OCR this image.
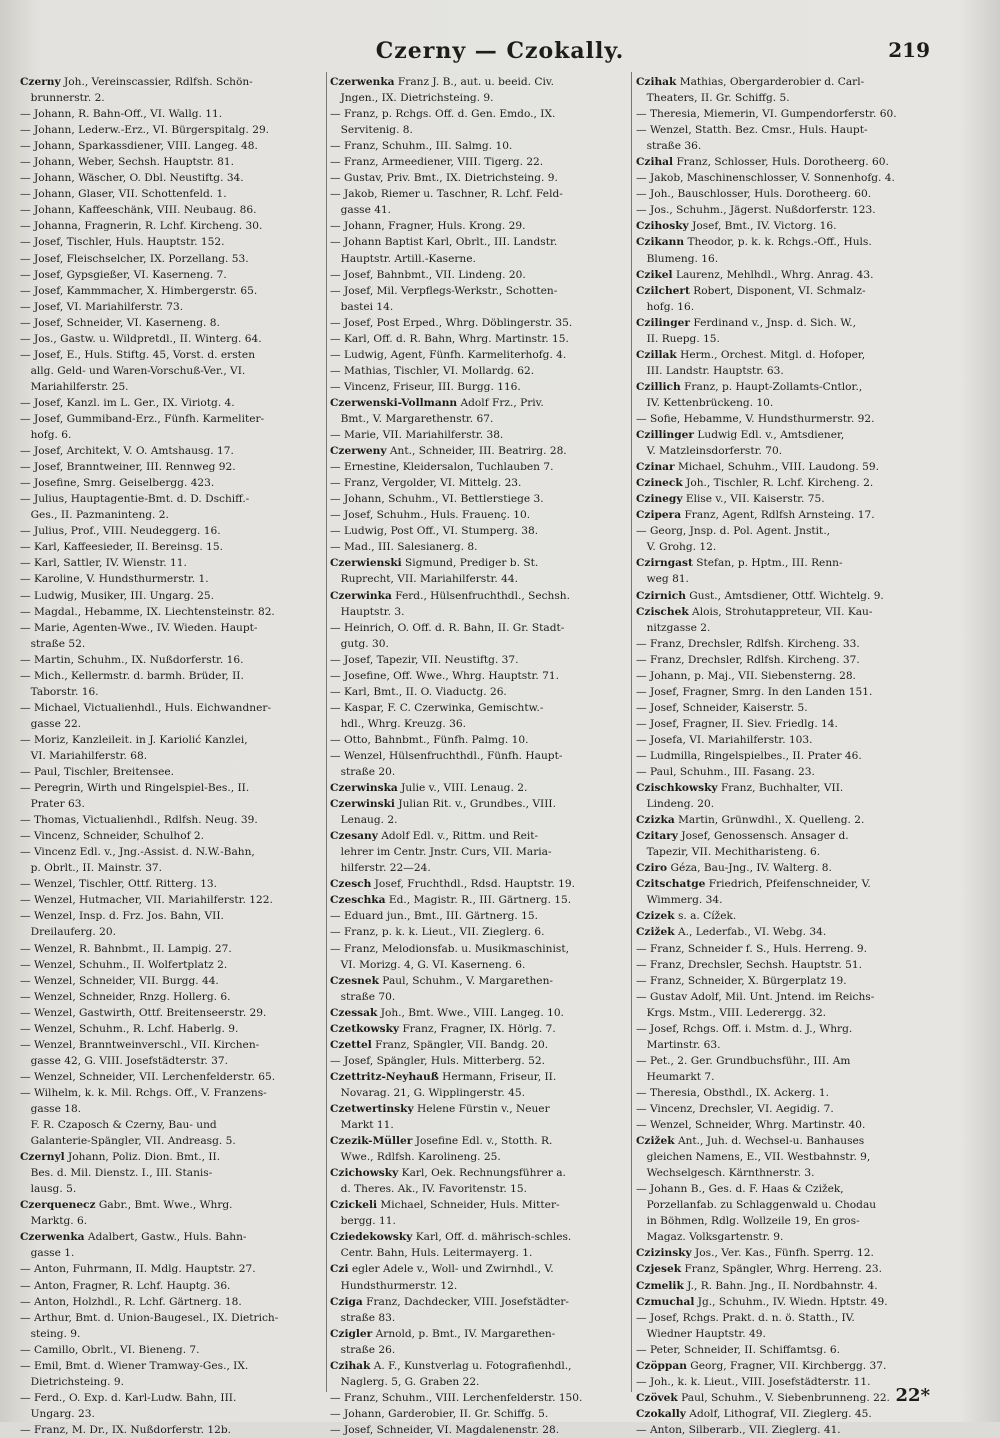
Czerny — Czokally.	219
Czerny Joh., Vereinscassier, Rdlfsh. Schön-
 brunnerstr. 2.
— Johann, R. Bahn-Off., VI. Wallg. 11.
— Johann, Lederw.-Erz., VI. Bürgerspitalg. 29.
— Johann, Sparkassdiener, VIII. Langeg. 48.
— Johann, Weber, Sechsh. Hauptstr. 81.
— Johann, Wäscher, O. Dbl. Neustiftg. 34.
— Johann, Glaser, VII. Schottenfeld. 1.
— Johann, Kaffeeschänk, VIII. Neubaug. 86.
— Johanna, Fragnerin, R. Lchf. Kircheng. 30.
— Josef, Tischler, Huls. Hauptstr. 152.
— Josef, Fleischselcher, IX. Porzellang. 53.
— Josef, Gypsgießer, VI. Kaserneng. 7.
— Josef, Kammmacher, X. Himbergerstr. 65.
— Josef, VI. Mariahilferstr. 73.
— Josef, Schneider, VI. Kaserneng. 8.
— Jos., Gastw. u. Wildpretdl., II. Winterg. 64.
— Josef, E., Huls. Stiftg. 45, Vorst. d. ersten
 allg. Geld- und Waren-Vorschuß-Ver., VI.
 Mariahilferstr. 25.
— Josef, Kanzl. im L. Ger., IX. Viriotg. 4.
— Josef, Gummiband-Erz., Fünfh. Karmeliter-
 hofg. 6.
— Josef, Architekt, V. O. Amtshausg. 17.
— Josef, Branntweiner, III. Rennweg 92.
— Josefine, Smrg. Geiselbergg. 423.
— Julius, Hauptagentie-Bmt. d. D. Dschiff.-
 Ges., II. Pazmaninteng. 2.
— Julius, Prof., VIII. Neudeggerg. 16.
— Karl, Kaffeesieder, II. Bereinsg. 15.
— Karl, Sattler, IV. Wienstr. 11.
— Karoline, V. Hundsthurmerstr. 1.
— Ludwig, Musiker, III. Ungarg. 25.
— Magdal., Hebamme, IX. Liechtensteinstr. 82.
— Marie, Agenten-Wwe., IV. Wieden. Haupt-
 straße 52.
— Martin, Schuhm., IX. Nußdorferstr. 16.
— Mich., Kellermstr. d. barmh. Brüder, II.
 Taborstr. 16.
— Michael, Victualienhdl., Huls. Eichwandner-
 gasse 22.
— Moriz, Kanzleileit. in J. Kariolić Kanzlei,
 VI. Mariahilferstr. 68.
— Paul, Tischler, Breitensee.
— Peregrin, Wirth und Ringelspiel-Bes., II.
 Prater 63.
— Thomas, Victualienhdl., Rdlfsh. Neug. 39.
— Vincenz, Schneider, Schulhof 2.
— Vincenz Edl. v., Jng.-Assist. d. N.W.-Bahn,
 p. Obrlt., II. Mainstr. 37.
— Wenzel, Tischler, Ottf. Ritterg. 13.
— Wenzel, Hutmacher, VII. Mariahilferstr. 122.
— Wenzel, Insp. d. Frz. Jos. Bahn, VII.
 Dreilauferg. 20.
— Wenzel, R. Bahnbmt., II. Lampig. 27.
— Wenzel, Schuhm., II. Wolfertplatz 2.
— Wenzel, Schneider, VII. Burgg. 44.
— Wenzel, Schneider, Rnzg. Hollerg. 6.
— Wenzel, Gastwirth, Ottf. Breitenseerstr. 29.
— Wenzel, Schuhm., R. Lchf. Haberlg. 9.
— Wenzel, Branntweinverschl., VII. Kirchen-
 gasse 42, G. VIII. Josefstädterstr. 37.
— Wenzel, Schneider, VII. Lerchenfelderstr. 65.
— Wilhelm, k. k. Mil. Rchgs. Off., V. Franzens-
 gasse 18.
 F. R. Czaposch & Czerny, Bau- und
 Galanterie-Spängler, VII. Andreasg. 5.
Czernyl Johann, Poliz. Dion. Bmt., II.
 Bes. d. Mil. Dienstz. I., III. Stanis-
 lausg. 5.
Czerquenecz Gabr., Bmt. Wwe., Whrg.
 Marktg. 6.
Czerwenka Adalbert, Gastw., Huls. Bahn-
 gasse 1.
— Anton, Fuhrmann, II. Mdlg. Hauptstr. 27.
— Anton, Fragner, R. Lchf. Hauptg. 36.
— Anton, Holzhdl., R. Lchf. Gärtnerg. 18.
— Arthur, Bmt. d. Union-Baugesel., IX. Dietrich-
 steing. 9.
— Camillo, Obrlt., VI. Bieneng. 7.
— Emil, Bmt. d. Wiener Tramway-Ges., IX.
 Dietrichsteing. 9.
— Ferd., O. Exp. d. Karl-Ludw. Bahn, III.
 Ungarg. 23.
— Franz, M. Dr., IX. Nußdorferstr. 12b.
Czerwenka Franz J. B., aut. u. beeid. Civ.
 Jngen., IX. Dietrichsteing. 9.
— Franz, p. Rchgs. Off. d. Gen. Emdo., IX.
 Servitenig. 8.
— Franz, Schuhm., III. Salmg. 10.
— Franz, Armeediener, VIII. Tigerg. 22.
— Gustav, Priv. Bmt., IX. Dietrichsteing. 9.
— Jakob, Riemer u. Taschner, R. Lchf. Feld-
 gasse 41.
— Johann, Fragner, Huls. Krong. 29.
— Johann Baptist Karl, Obrlt., III. Landstr.
 Hauptstr. Artill.-Kaserne.
— Josef, Bahnbmt., VII. Lindeng. 20.
— Josef, Mil. Verpflegs-Werkstr., Schotten-
 bastei 14.
— Josef, Post Erped., Whrg. Döblingerstr. 35.
— Karl, Off. d. R. Bahn, Whrg. Martinstr. 15.
— Ludwig, Agent, Fünfh. Karmeliterhofg. 4.
— Mathias, Tischler, VI. Mollardg. 62.
— Vincenz, Friseur, III. Burgg. 116.
Czerwenski-Vollmann Adolf Frz., Priv.
 Bmt., V. Margarethenstr. 67.
— Marie, VII. Mariahilferstr. 38.
Czerweny Ant., Schneider, III. Beatrirg. 28.
— Ernestine, Kleidersalon, Tuchlauben 7.
— Franz, Vergolder, VI. Mittelg. 23.
— Johann, Schuhm., VI. Bettlerstiege 3.
— Josef, Schuhm., Huls. Frauenç. 10.
— Ludwig, Post Off., VI. Stumperg. 38.
— Mad., III. Salesianerg. 8.
Czerwienski Sigmund, Prediger b. St.
 Ruprecht, VII. Mariahilferstr. 44.
Czerwinka Ferd., Hülsenfruchthdl., Sechsh.
 Hauptstr. 3.
— Heinrich, O. Off. d. R. Bahn, II. Gr. Stadt-
 gutg. 30.
— Josef, Tapezir, VII. Neustiftg. 37.
— Josefine, Off. Wwe., Whrg. Hauptstr. 71.
— Karl, Bmt., II. O. Viaductg. 26.
— Kaspar, F. C. Czerwinka, Gemischtw.-
 hdl., Whrg. Kreuzg. 36.
— Otto, Bahnbmt., Fünfh. Palmg. 10.
— Wenzel, Hülsenfruchthdl., Fünfh. Haupt-
 straße 20.
Czerwinska Julie v., VIII. Lenaug. 2.
Czerwinski Julian Rit. v., Grundbes., VIII.
 Lenaug. 2.
Czesany Adolf Edl. v., Rittm. und Reit-
 lehrer im Centr. Jnstr. Curs, VII. Maria-
 hilferstr. 22—24.
Czesch Josef, Fruchthdl., Rdsd. Hauptstr. 19.
Czeschka Ed., Magistr. R., III. Gärtnerg. 15.
— Eduard jun., Bmt., III. Gärtnerg. 15.
— Franz, p. k. k. Lieut., VII. Zieglerg. 6.
— Franz, Melodionsfab. u. Musikmaschinist,
 VI. Morizg. 4, G. VI. Kaserneng. 6.
Czesnek Paul, Schuhm., V. Margarethen-
 straße 70.
Czessak Joh., Bmt. Wwe., VIII. Langeg. 10.
Czetkowsky Franz, Fragner, IX. Hörlg. 7.
Czettel Franz, Spängler, VII. Bandg. 20.
— Josef, Spängler, Huls. Mitterberg. 52.
Czettritz-Neyhauß Hermann, Friseur, II.
 Novarag. 21, G. Wipplingerstr. 45.
Czetwertinsky Helene Fürstin v., Neuer
 Markt 11.
Czezik-Müller Josefine Edl. v., Stotth. R.
 Wwe., Rdlfsh. Karolineng. 25.
Czichowsky Karl, Oek. Rechnungsführer a.
 d. Theres. Ak., IV. Favoritenstr. 15.
Czickeli Michael, Schneider, Huls. Mitter-
 bergg. 11.
Cziedekowsky Karl, Off. d. mährisch-schles.
 Centr. Bahn, Huls. Leitermayerg. 1.
Czi egler Adele v., Woll- und Zwirnhdl., V.
 Hundsthurmerstr. 12.
Cziga Franz, Dachdecker, VIII. Josefstädter-
 straße 83.
Czigler Arnold, p. Bmt., IV. Margarethen-
 straße 26.
Czihak A. F., Kunstverlag u. Fotografienhdl.,
 Naglerg. 5, G. Graben 22.
— Franz, Schuhm., VIII. Lerchenfelderstr. 150.
— Johann, Garderobier, II. Gr. Schiffg. 5.
— Josef, Schneider, VI. Magdalenenstr. 28.
Czihak Mathias, Obergarderobier d. Carl-
 Theaters, II. Gr. Schiffg. 5.
— Theresia, Miemerin, VI. Gumpendorferstr. 60.
— Wenzel, Statth. Bez. Cmsr., Huls. Haupt-
 straße 36.
Czihal Franz, Schlosser, Huls. Dorotheerg. 60.
— Jakob, Maschinenschlosser, V. Sonnenhofg. 4.
— Joh., Bauschlosser, Huls. Dorotheerg. 60.
— Jos., Schuhm., Jägerst. Nußdorferstr. 123.
Czihosky Josef, Bmt., IV. Victorg. 16.
Czikann Theodor, p. k. k. Rchgs.-Off., Huls.
 Blumeng. 16.
Czikel Laurenz, Mehlhdl., Whrg. Anrag. 43.
Czilchert Robert, Disponent, VI. Schmalz-
 hofg. 16.
Czilinger Ferdinand v., Jnsp. d. Sich. W.,
 II. Ruepg. 15.
Czillak Herm., Orchest. Mitgl. d. Hofoper,
 III. Landstr. Hauptstr. 63.
Czillich Franz, p. Haupt-Zollamts-Cntlor.,
 IV. Kettenbrückeng. 10.
— Sofie, Hebamme, V. Hundsthurmerstr. 92.
Czillinger Ludwig Edl. v., Amtsdiener,
 V. Matzleinsdorferstr. 70.
Czinar Michael, Schuhm., VIII. Laudong. 59.
Czineck Joh., Tischler, R. Lchf. Kircheng. 2.
Czinegy Elise v., VII. Kaiserstr. 75.
Czipera Franz, Agent, Rdlfsh Arnsteing. 17.
— Georg, Jnsp. d. Pol. Agent. Jnstit.,
 V. Grohg. 12.
Czirngast Stefan, p. Hptm., III. Renn-
 weg 81.
Czirnich Gust., Amtsdiener, Ottf. Wichtelg. 9.
Czischek Alois, Strohutappreteur, VII. Kau-
 nitzgasse 2.
— Franz, Drechsler, Rdlfsh. Kircheng. 33.
— Franz, Drechsler, Rdlfsh. Kircheng. 37.
— Johann, p. Maj., VII. Siebensterng. 28.
— Josef, Fragner, Smrg. In den Landen 151.
— Josef, Schneider, Kaiserstr. 5.
— Josef, Fragner, II. Siev. Friedlg. 14.
— Josefa, VI. Mariahilferstr. 103.
— Ludmilla, Ringelspielbes., II. Prater 46.
— Paul, Schuhm., III. Fasang. 23.
Czischkowsky Franz, Buchhalter, VII.
 Lindeng. 20.
Czizka Martin, Grünwdhl., X. Quelleng. 2.
Czitary Josef, Genossensch. Ansager d.
 Tapezir, VII. Mechitharisteng. 6.
Cziro Géza, Bau-Jng., IV. Walterg. 8.
Czitschatge Friedrich, Pfeifenschneider, V.
 Wimmerg. 34.
Czizek s. a. Cížek.
Czižek A., Lederfab., VI. Webg. 34.
— Franz, Schneider f. S., Huls. Herreng. 9.
— Franz, Drechsler, Sechsh. Hauptstr. 51.
— Franz, Schneider, X. Bürgerplatz 19.
— Gustav Adolf, Mil. Unt. Jntend. im Reichs-
 Krgs. Mstm., VIII. Lederergg. 32.
— Josef, Rchgs. Off. i. Mstm. d. J., Whrg.
 Martinstr. 63.
— Pet., 2. Ger. Grundbuchsführ., III. Am
 Heumarkt 7.
— Theresia, Obsthdl., IX. Ackerg. 1.
— Vincenz, Drechsler, VI. Aegidig. 7.
— Wenzel, Schneider, Whrg. Martinstr. 40.
Czižek Ant., Juh. d. Wechsel-u. Banhauses
 gleichen Namens, E., VII. Westbahnstr. 9,
 Wechselgesch. Kärnthnerstr. 3.
— Johann B., Ges. d. F. Haas & Czižek,
 Porzellanfab. zu Schlaggenwald u. Chodau
 in Böhmen, Rdlg. Wollzeile 19, En gros-
 Magaz. Volksgartenstr. 9.
Czizinsky Jos., Ver. Kas., Fünfh. Sperrg. 12.
Czjesek Franz, Spängler, Whrg. Herreng. 23.
Czmelik J., R. Bahn. Jng., II. Nordbahnstr. 4.
Czmuchal Jg., Schuhm., IV. Wiedn. Hptstr. 49.
— Josef, Rchgs. Prakt. d. n. ö. Statth., IV.
 Wiedner Hauptstr. 49.
— Peter, Schneider, II. Schiffamtsg. 6.
Czöppan Georg, Fragner, VII. Kirchbergg. 37.
— Joh., k. k. Lieut., VIII. Josefstädterstr. 11.
Czövek Paul, Schuhm., V. Siebenbrunneng. 22.
Czokally Adolf, Lithograf, VII. Zieglerg. 45.
— Anton, Silberarb., VII. Zieglerg. 41.
22*
